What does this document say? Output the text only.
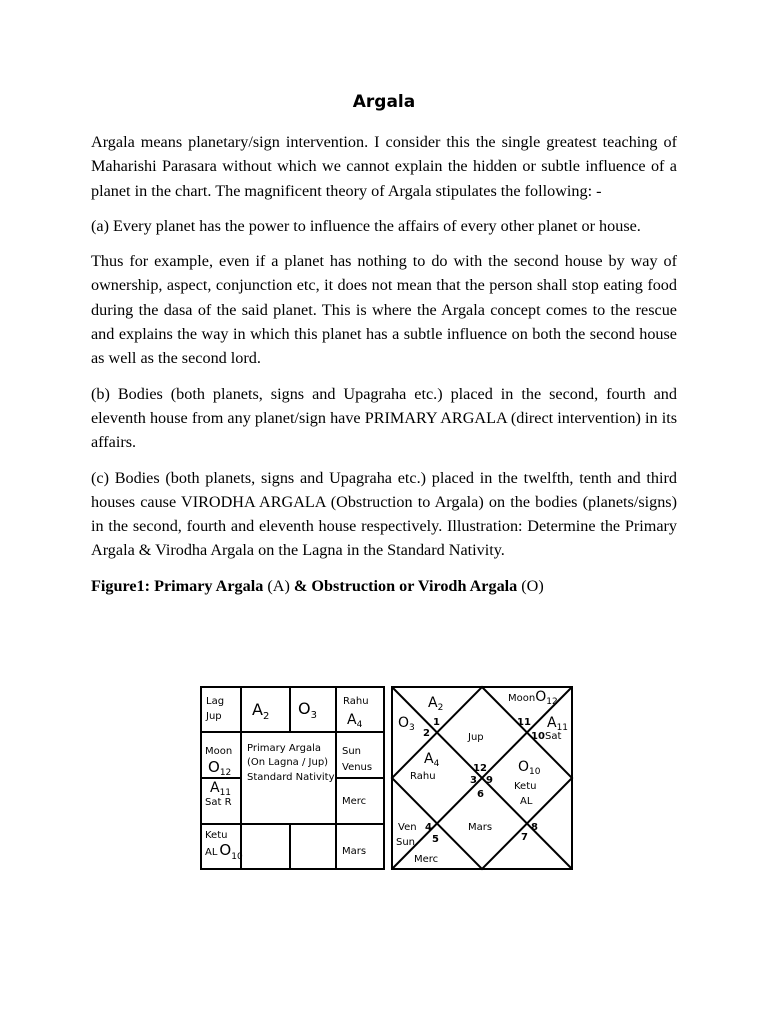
Argala

Argala means planetary/sign intervention. I consider this the single greatest teaching of Maharishi Parasara without which we cannot explain the hidden or subtle influence of a planet in the chart. The magnificent theory of Argala stipulates the following: -

(a) Every planet has the power to influence the affairs of every other planet or house.

Thus for example, even if a planet has nothing to do with the second house by way of ownership, aspect, conjunction etc, it does not mean that the person shall stop eating food during the dasa of the said planet. This is where the Argala concept comes to the rescue and explains the way in which this planet has a subtle influence on both the second house as well as the second lord.

(b) Bodies (both planets, signs and Upagraha etc.) placed in the second, fourth and eleventh house from any planet/sign have PRIMARY ARGALA (direct intervention) in its affairs.

(c) Bodies (both planets, signs and Upagraha etc.) placed in the twelfth, tenth and third houses cause VIRODHA ARGALA (Obstruction to Argala) on the bodies (planets/signs) in the second, fourth and eleventh house respectively. Illustration: Determine the Primary Argala & Virodha Argala on the Lagna in the Standard Nativity.

Figure1: Primary Argala (A) & Obstruction or Virodh Argala (O)
Lag
Jup $A_2$ $O_3$
Rahu
$A_4$
Moon
$O_{12}$
$A_{11}$
Sat R
Primary Argala
(On Lagna / Jup)
Standard Nativity
Sun
Venus
Merc
Ketu
AL O10	Mars
$A_2$
MoonO12
$O_3$ 1
2
11 $A_{11}$
Jup	10 Sat
$A_4$
Rahu
12
3 9
6
$O_{10}$
Ketu
AL
Ven
Sun
Merc
4
5
Mars	8
7
